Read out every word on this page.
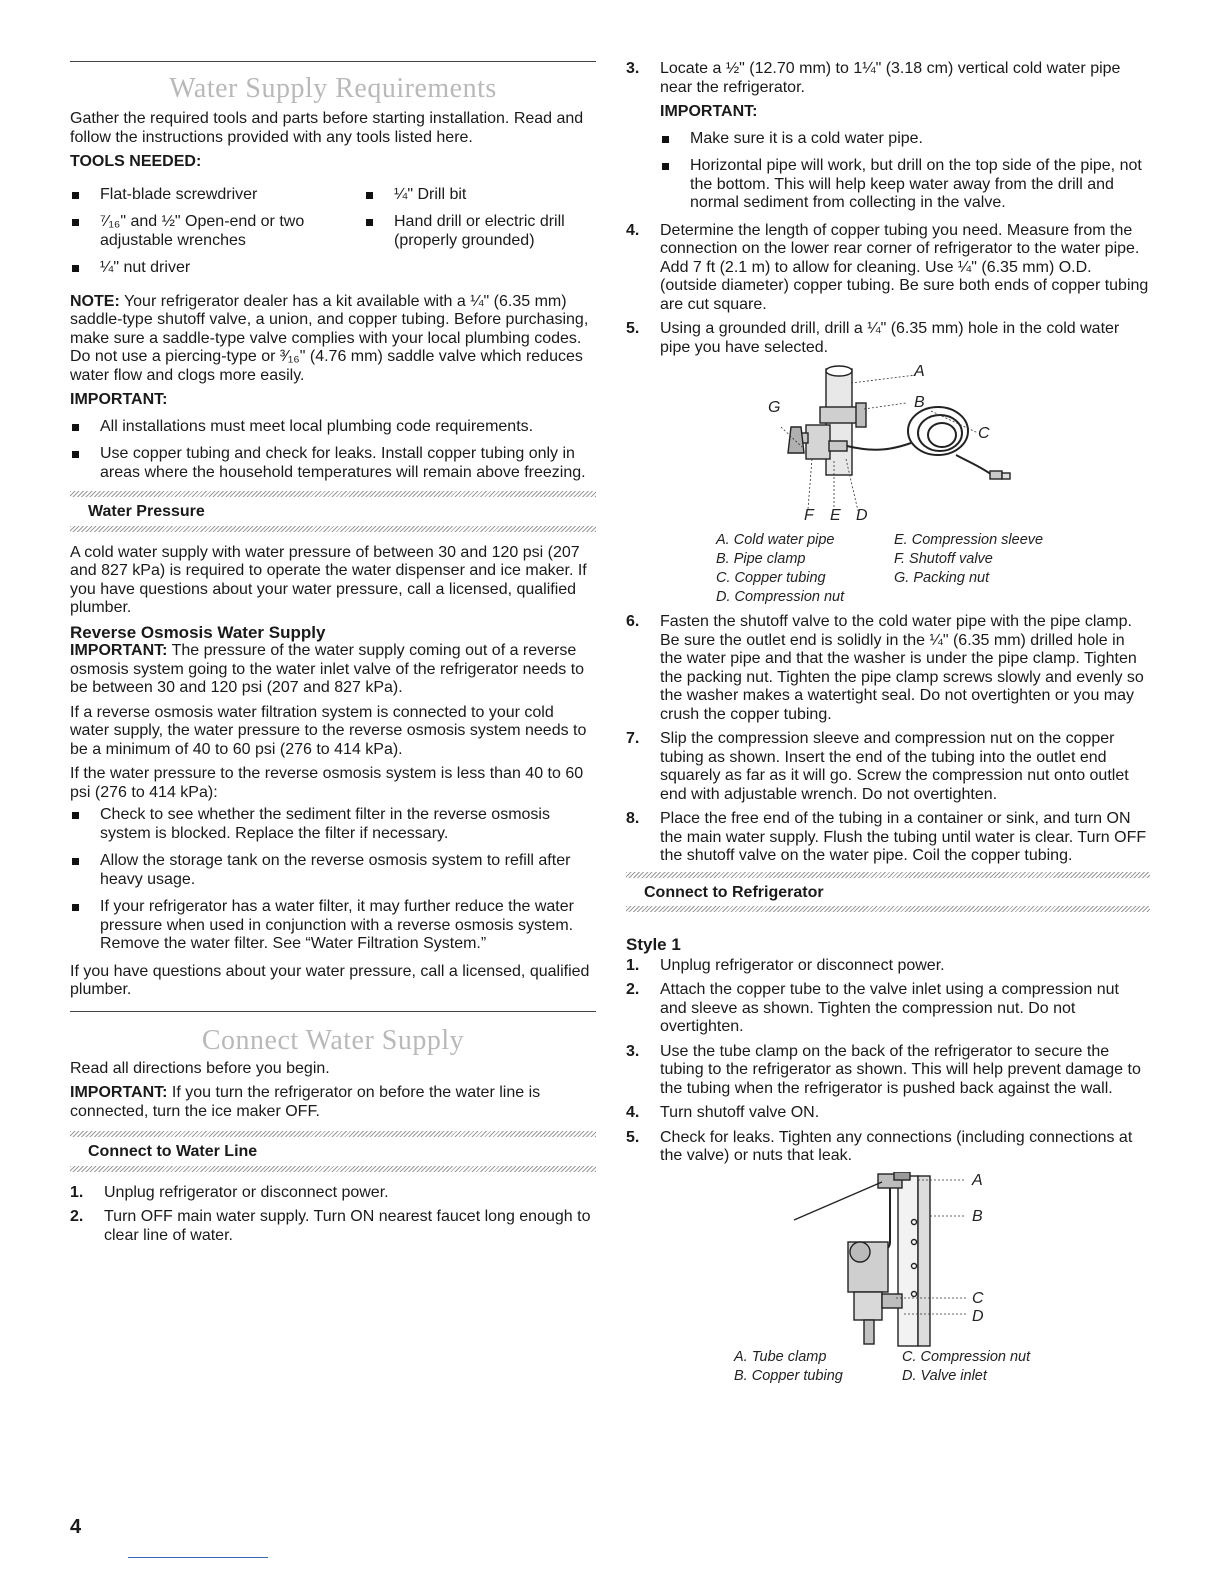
Water Supply Requirements

Gather the required tools and parts before starting installation. Read and follow the instructions provided with any tools listed here.

TOOLS NEEDED:
Flat-blade screwdriver
⁷⁄₁₆" and ½" Open-end or two adjustable wrenches
¼" nut driver
¼" Drill bit
Hand drill or electric drill (properly grounded)

NOTE: Your refrigerator dealer has a kit available with a ¼" (6.35 mm) saddle-type shutoff valve, a union, and copper tubing. Before purchasing, make sure a saddle-type valve complies with your local plumbing codes. Do not use a piercing-type or ³⁄₁₆" (4.76 mm) saddle valve which reduces water flow and clogs more easily.

IMPORTANT:
All installations must meet local plumbing code requirements.
Use copper tubing and check for leaks. Install copper tubing only in areas where the household temperatures will remain above freezing.
Water Pressure

A cold water supply with water pressure of between 30 and 120 psi (207 and 827 kPa) is required to operate the water dispenser and ice maker. If you have questions about your water pressure, call a licensed, qualified plumber.

Reverse Osmosis Water Supply

IMPORTANT: The pressure of the water supply coming out of a reverse osmosis system going to the water inlet valve of the refrigerator needs to be between 30 and 120 psi (207 and 827 kPa).

If a reverse osmosis water filtration system is connected to your cold water supply, the water pressure to the reverse osmosis system needs to be a minimum of 40 to 60 psi (276 to 414 kPa).

If the water pressure to the reverse osmosis system is less than 40 to 60 psi (276 to 414 kPa):

Check to see whether the sediment filter in the reverse osmosis system is blocked. Replace the filter if necessary.
Allow the storage tank on the reverse osmosis system to refill after heavy usage.
If your refrigerator has a water filter, it may further reduce the water pressure when used in conjunction with a reverse osmosis system. Remove the water filter. See “Water Filtration System.”

If you have questions about your water pressure, call a licensed, qualified plumber.

Connect Water Supply

Read all directions before you begin.

IMPORTANT: If you turn the refrigerator on before the water line is connected, turn the ice maker OFF.

Connect to Water Line
1. Unplug refrigerator or disconnect power.
2. Turn OFF main water supply. Turn ON nearest faucet long enough to clear line of water.
3. Locate a ½" (12.70 mm) to 1¼" (3.18 cm) vertical cold water pipe near the refrigerator.
IMPORTANT:
Make sure it is a cold water pipe.
Horizontal pipe will work, but drill on the top side of the pipe, not the bottom. This will help keep water away from the drill and normal sediment from collecting in the valve.
4. Determine the length of copper tubing you need. Measure from the connection on the lower rear corner of refrigerator to the water pipe. Add 7 ft (2.1 m) to allow for cleaning. Use ¼" (6.35 mm) O.D. (outside diameter) copper tubing. Be sure both ends of copper tubing are cut square.
5. Using a grounded drill, drill a ¼" (6.35 mm) hole in the cold water pipe you have selected.
A
B
C
D
E
F
G
A. Cold water pipe	E. Compression sleeve
B. Pipe clamp	F. Shutoff valve
C. Copper tubing	G. Packing nut
D. Compression nut
6. Fasten the shutoff valve to the cold water pipe with the pipe clamp. Be sure the outlet end is solidly in the ¼" (6.35 mm) drilled hole in the water pipe and that the washer is under the pipe clamp. Tighten the packing nut. Tighten the pipe clamp screws slowly and evenly so the washer makes a watertight seal. Do not overtighten or you may crush the copper tubing.
7. Slip the compression sleeve and compression nut on the copper tubing as shown. Insert the end of the tubing into the outlet end squarely as far as it will go. Screw the compression nut onto outlet end with adjustable wrench. Do not overtighten.
8. Place the free end of the tubing in a container or sink, and turn ON the main water supply. Flush the tubing until water is clear. Turn OFF the shutoff valve on the water pipe. Coil the copper tubing.
Connect to Refrigerator
Style 1
1. Unplug refrigerator or disconnect power.
2. Attach the copper tube to the valve inlet using a compression nut and sleeve as shown. Tighten the compression nut. Do not overtighten.
3. Use the tube clamp on the back of the refrigerator to secure the tubing to the refrigerator as shown. This will help prevent damage to the tubing when the refrigerator is pushed back against the wall.
4. Turn shutoff valve ON.
5. Check for leaks. Tighten any connections (including connections at the valve) or nuts that leak.
A
B
C
D
A. Tube clamp	C. Compression nut
B. Copper tubing	D. Valve inlet
4
